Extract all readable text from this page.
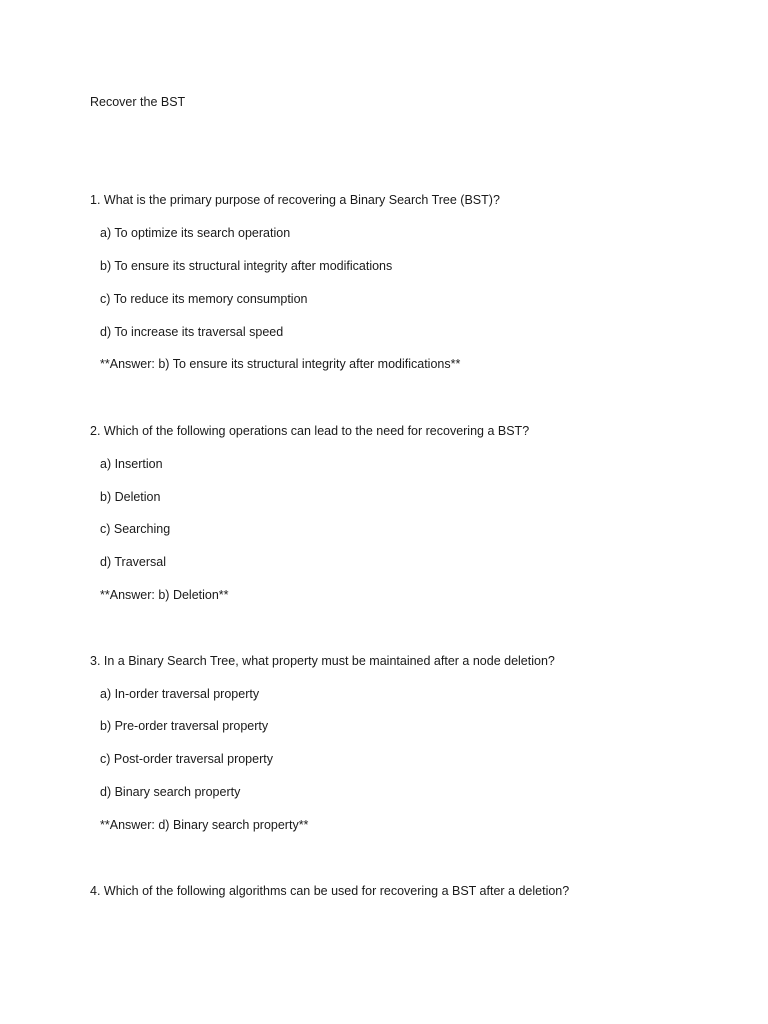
Recover the BST
1. What is the primary purpose of recovering a Binary Search Tree (BST)?
a) To optimize its search operation
b) To ensure its structural integrity after modifications
c) To reduce its memory consumption
d) To increase its traversal speed
**Answer: b) To ensure its structural integrity after modifications**
2. Which of the following operations can lead to the need for recovering a BST?
a) Insertion
b) Deletion
c) Searching
d) Traversal
**Answer: b) Deletion**
3. In a Binary Search Tree, what property must be maintained after a node deletion?
a) In-order traversal property
b) Pre-order traversal property
c) Post-order traversal property
d) Binary search property
**Answer: d) Binary search property**
4. Which of the following algorithms can be used for recovering a BST after a deletion?
